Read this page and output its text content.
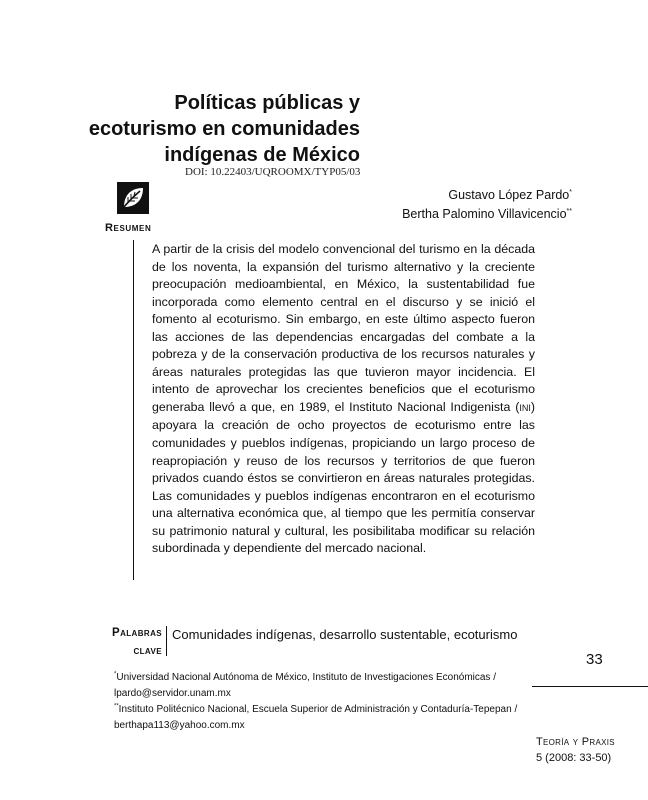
Políticas públicas y
ecoturismo en comunidades
indígenas de México
DOI: 10.22403/UQROOMX/TYP05/03
Gustavo López Pardo*
Bertha Palomino Villavicencio**
Resumen

A partir de la crisis del modelo convencional del turismo en la década de los noventa, la expansión del turismo alternativo y la creciente preocupación medioambiental, en México, la sustentabilidad fue incorporada como elemento central en el discurso y se inició el fomento al ecoturismo. Sin embargo, en este último aspecto fueron las acciones de las dependencias encargadas del combate a la pobreza y de la conservación productiva de los recursos naturales y áreas naturales protegidas las que tuvieron mayor incidencia. El intento de aprovechar los crecientes beneficios que el ecoturismo generaba llevó a que, en 1989, el Instituto Nacional Indigenista (INI) apoyara la creación de ocho proyectos de ecoturismo entre las comunidades y pueblos indígenas, propiciando un largo proceso de reapropiación y reuso de los recursos y territorios de que fueron privados cuando éstos se convirtieron en áreas naturales protegidas. Las comunidades y pueblos indígenas encontraron en el ecoturismo una alternativa económica que, al tiempo que les permitía conservar su patrimonio natural y cultural, les posibilitaba modificar su relación subordinada y dependiente del mercado nacional.

Palabras
clave
Comunidades indígenas, desarrollo sustentable, ecoturismo
33

*Universidad Nacional Autónoma de México, Instituto de Investigaciones Económicas /

lpardo@servidor.unam.mx

**Instituto Politécnico Nacional, Escuela Superior de Administración y Contaduría-Tepepan /

berthapa113@yahoo.com.mx

Teoría y Praxis
5 (2008: 33-50)
